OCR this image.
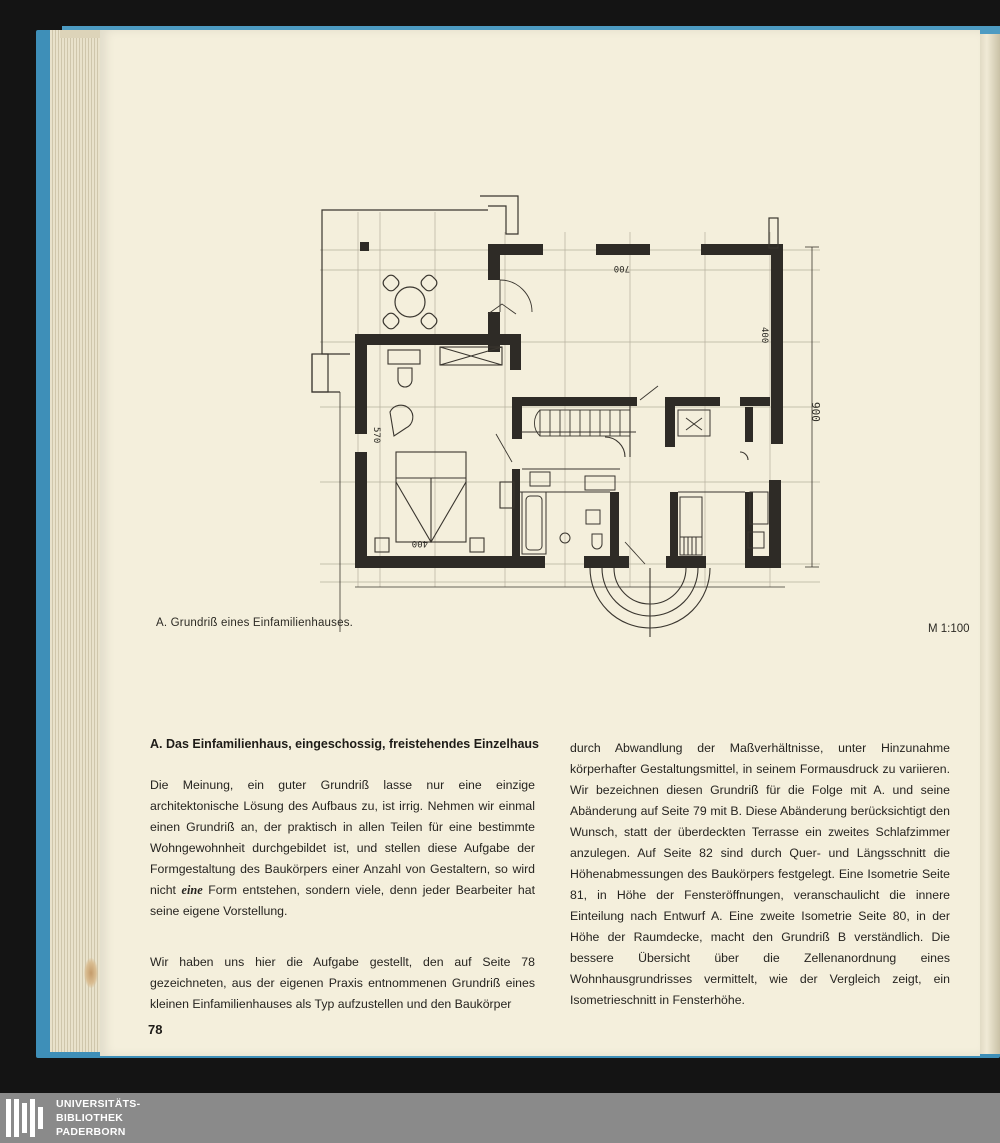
700
400
900
570
400
A. Grundriß eines Einfamilienhauses.	M 1:100
A. Das Einfamilienhaus, eingeschossig, freistehendes Einzelhaus

Die Meinung, ein guter Grundriß lasse nur eine einzige architektonische Lösung des Aufbaus zu, ist irrig. Nehmen wir einmal einen Grundriß an, der praktisch in allen Teilen für eine bestimmte Wohngewohnheit durchgebildet ist, und stellen diese Aufgabe der Formgestaltung des Baukörpers einer Anzahl von Gestaltern, so wird nicht eine Form entstehen, sondern viele, denn jeder Bearbeiter hat seine eigene Vorstellung.

Wir haben uns hier die Aufgabe gestellt, den auf Seite 78 gezeichneten, aus der eigenen Praxis entnommenen Grundriß eines kleinen Einfamilienhauses als Typ aufzustellen und den Baukörper

durch Abwandlung der Maßverhältnisse, unter Hinzunahme körperhafter Gestaltungsmittel, in seinem Formausdruck zu variieren. Wir bezeichnen diesen Grundriß für die Folge mit A. und seine Abänderung auf Seite 79 mit B. Diese Abänderung berücksichtigt den Wunsch, statt der überdeckten Terrasse ein zweites Schlafzimmer anzulegen. Auf Seite 82 sind durch Quer- und Längsschnitt die Höhenabmessungen des Baukörpers festgelegt. Eine Isometrie Seite 81, in Höhe der Fensteröffnungen, veranschaulicht die innere Einteilung nach Entwurf A. Eine zweite Isometrie Seite 80, in der Höhe der Raumdecke, macht den Grundriß B verständlich. Die bessere Übersicht über die Zellenanordnung eines Wohnhausgrundrisses vermittelt, wie der Vergleich zeigt, ein Isometrieschnitt in Fensterhöhe.

78
UNIVERSITÄTS-
BIBLIOTHEK
PADERBORN
